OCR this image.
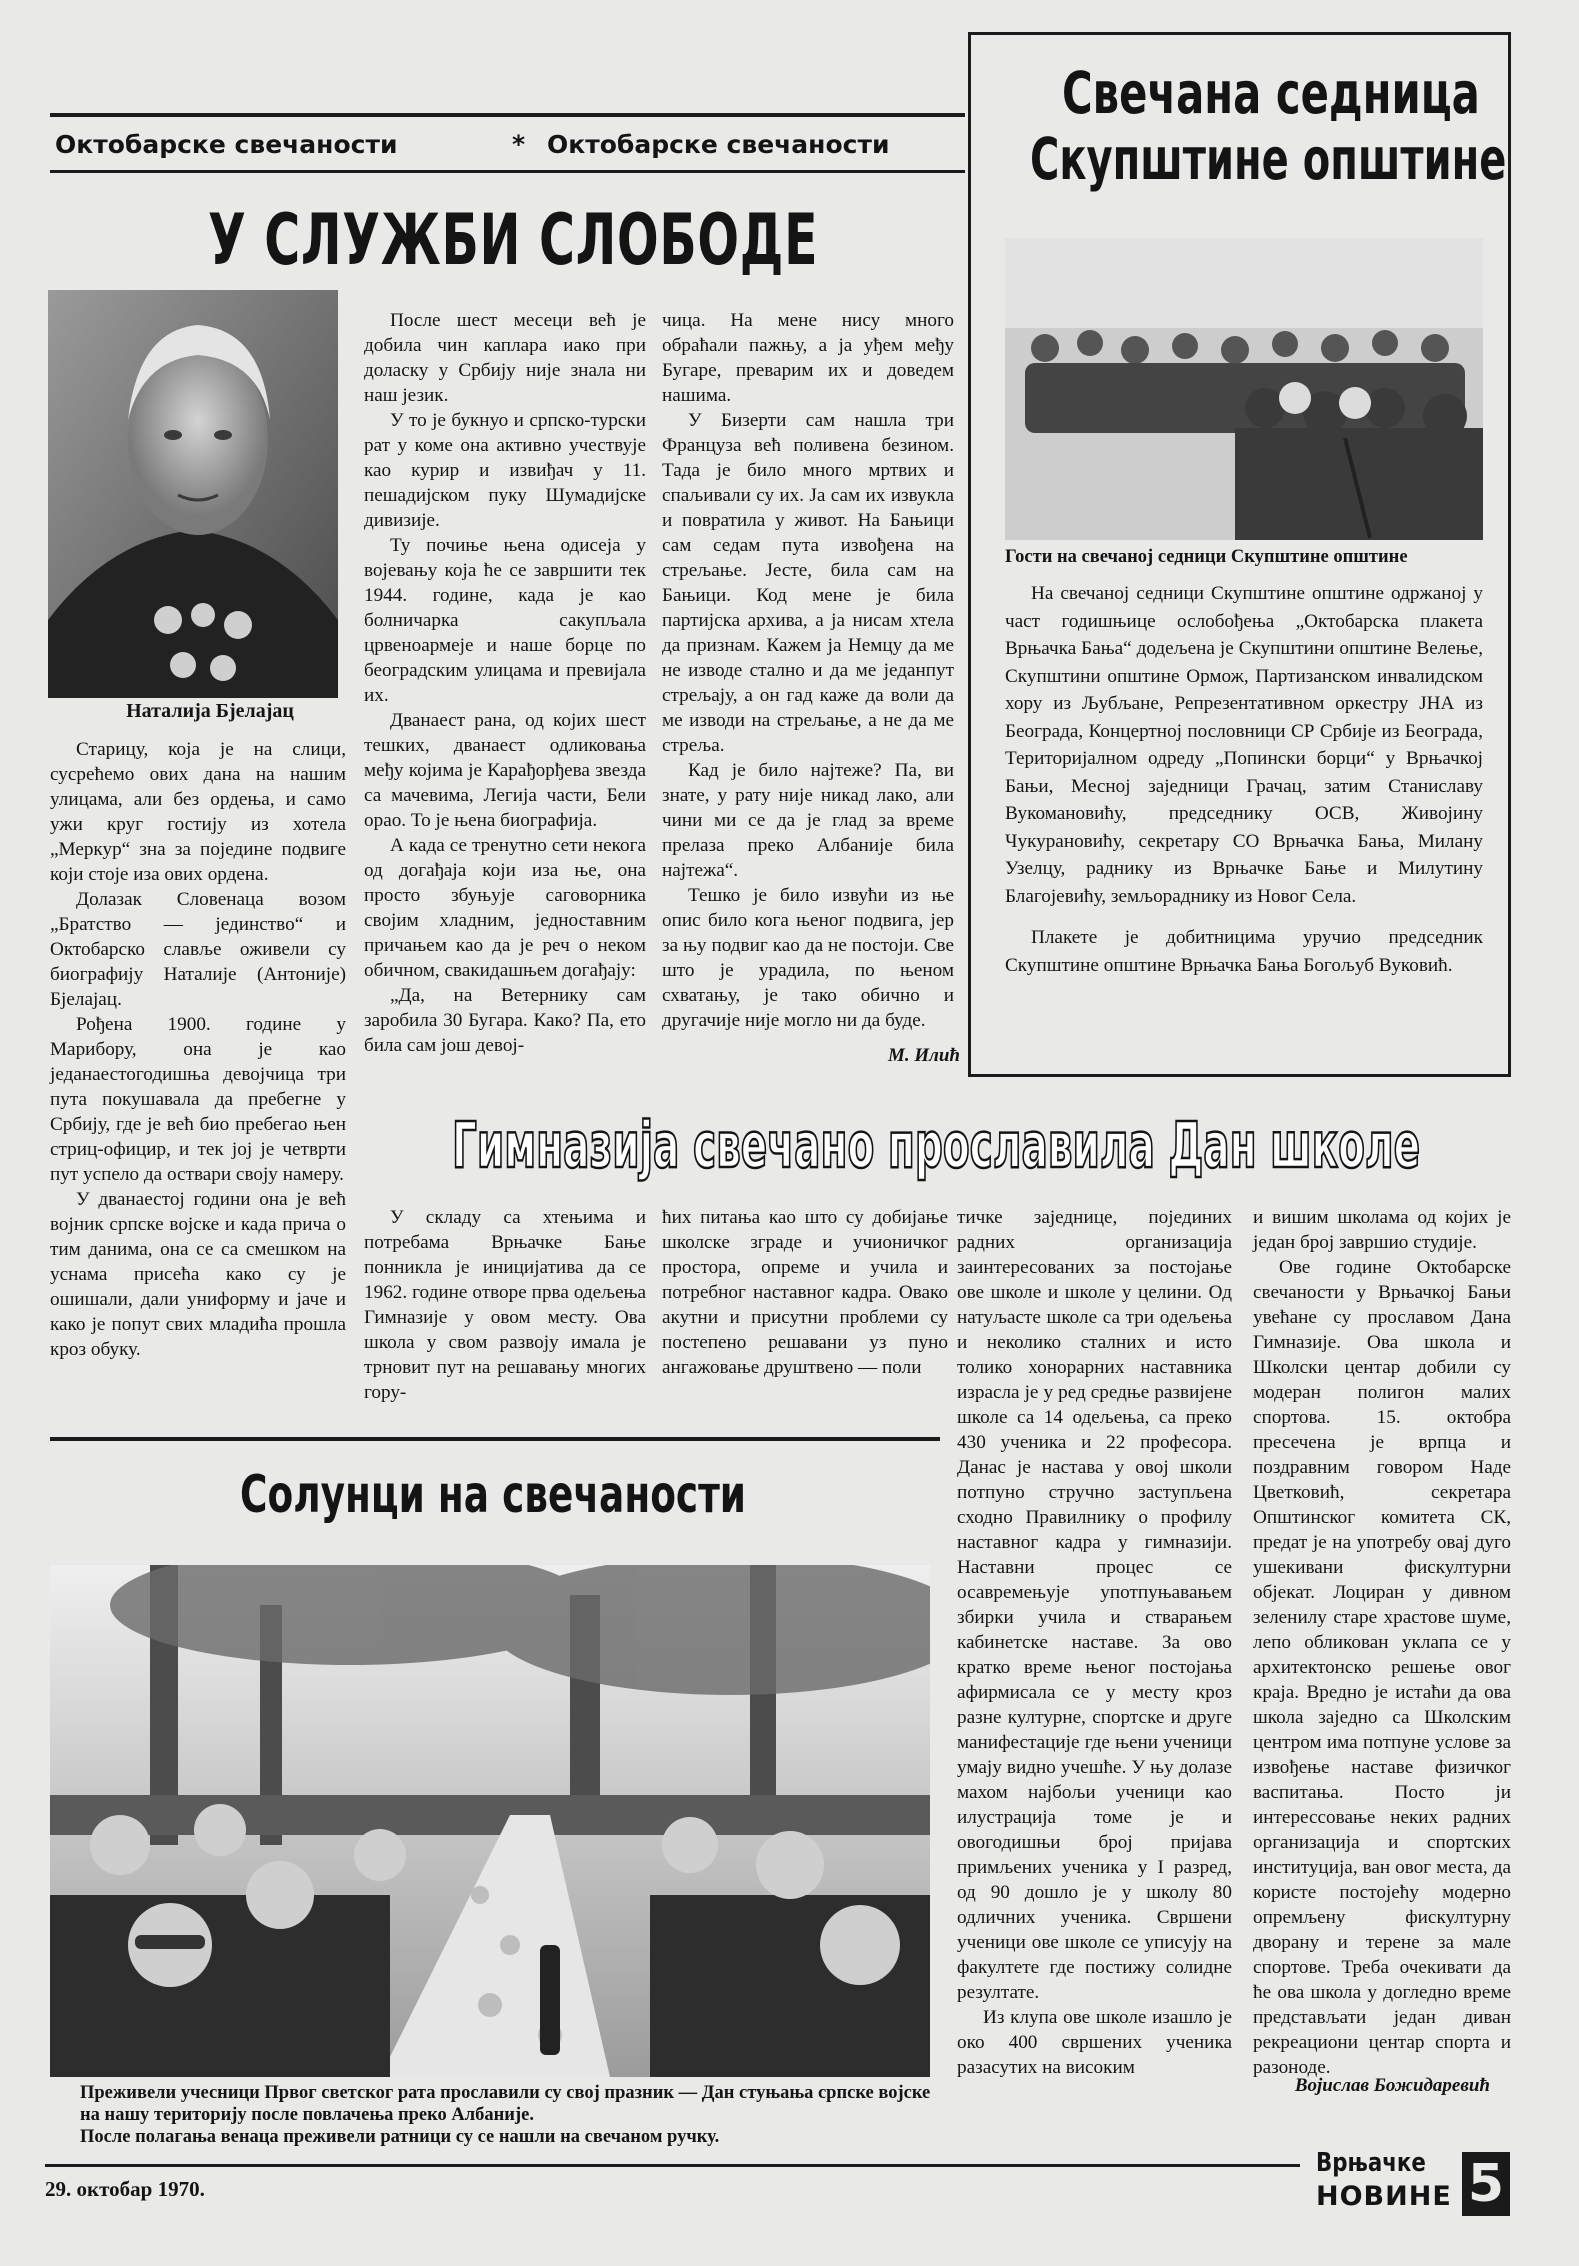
Октобарске свечаности	* Октобарске свечаности
У СЛУЖБИ СЛОБОДЕ
Наталија Бјелајац

Старицу, која је на слици, сусрећемо ових дана на нашим улицама, али без ордења, и само ужи круг гостију из хотела „Меркур“ зна за поједине подвиге који стоје иза ових ордена.

Долазак Словенаца возом „Братство — јединство“ и Октобарско славље оживели су биографију Наталије (Антоније) Бјелајац.

Рођена 1900. године у Марибору, она је као једанаестогодишња девојчица три пута покушавала да пребегне у Србију, где је већ био пребегао њен стриц-официр, и тек јој је четврти пут успело да оствари своју намеру.

У дванаестој години она је већ војник српске војске и када прича о тим данима, она се са смешком на уснама присећа како су је ошишали, дали униформу и јаче и како је попут свих младића прошла кроз обуку.

После шест месеци већ је добила чин каплара иако при доласку у Србију није знала ни наш језик.

У то је букнуо и српско-турски рат у коме она активно учествује као курир и извиђач у 11. пешадијском пуку Шумадијске дивизије.

Ту почиње њена одисеја у војевању која ће се завршити тек 1944. године, када је као болничарка сакупљала црвеноармеје и наше борце по београдским улицама и превијала их.

Дванаест рана, од којих шест тешких, дванаест одликовања међу којима је Карађорђева звезда са мачевима, Легија части, Бели орао. То је њена биографија.

А када се тренутно сети некога од догађаја који иза ње, она просто збуњује саговорника својим хладним, једноставним причањем као да је реч о неком обичном, свакидашњем догађају:

„Да, на Ветернику сам заробила 30 Бугара. Како? Па, ето била сам још девој-

чица. На мене нису много обраћали пажњу, а ја уђем међу Бугаре, преварим их и доведем нашима.

У Бизерти сам нашла три Француза већ поливена безином. Тада је било много мртвих и спаљивали су их. Ја сам их извукла и повратила у живот. На Бањици сам седам пута извођена на стрељање. Јесте, била сам на Бањици. Код мене је била партијска архива, а ја нисам хтела да признам. Кажем ја Немцу да ме не изводе стално и да ме једанпут стрељају, а он гад каже да воли да ме изводи на стрељање, а не да ме стреља.

Кад је било најтеже? Па, ви знате, у рату није никад лако, али чини ми се да је глад за време прелаза преко Албаније била најтежа“.

Тешко је било извући из ње опис било кога њеног подвига, јер за њу подвиг као да не постоји. Све што је урадила, по њеном схватању, је тако обично и другачије није могло ни да буде.

М. Илић
Свечана седница
Скупштине општине
Гости на свечаној седници Скупштине општине

На свечаној седници Скупштине општине одржаној у част годишњице ослобођења „Октобарска плакета Врњачка Бања“ додељена је Скупштини општине Велење, Скупштини општине Ормож, Партизанском инвалидском хору из Љубљане, Репрезентативном оркестру ЈНА из Београда, Концертној пословници СР Србије из Београда, Територијалном одреду „Попински борци“ у Врњачкој Бањи, Месној заједници Грачац, затим Станиславу Вукомановићу, председнику ОСВ, Живојину Чукурановићу, секретару СО Врњачка Бања, Милану Узелцу, раднику из Врњачке Бање и Милутину Благојевићу, земљораднику из Новог Села.

Плакете је добитницима уручио председник Скупштине општине Врњачка Бања Богољуб Вуковић.

Гимназија свечано прославила Дан школе

У складу са хтењима и потребама Врњачке Бање понникла је иницијатива да се 1962. године отворе прва одељења Гимназије у овом месту. Ова школа у свом развоју имала је трновит пут на решавању многих гору-

ћих питања као што су добијање школске зграде и учионичког простора, опреме и учила и потребног наставног кадра. Овако акутни и присутни проблеми су постепено решавани уз пуно ангажовање друштвено — поли

тичке заједнице, појединих радних организација заинтересованих за постојање ове школе и школе у целини. Од натуљасте школе са три одељења и неколико сталних и исто толико хонорарних наставника израсла је у ред средње развијене школе са 14 одељења, са преко 430 ученика и 22 професора. Данас је настава у овој школи потпуно стручно заступљена сходно Правилнику о профилу наставног кадра у гимназији. Наставни процес се осавремењује употпуњавањем збирки учила и стварањем кабинетске наставе. За ово кратко време њеног постојања афирмисала се у месту кроз разне културне, спортске и друге манифестације где њени ученици умају видно учешће. У њу долазе махом најбољи ученици као илустрација томе је и овогодишњи број пријава примљених ученика у I разред, од 90 дошло је у школу 80 одличних ученика. Свршени ученици ове школе се уписују на факултете где постижу солидне резултате.

Из клупа ове школе изашло је око 400 свршених ученика разасутих на високим

и вишим школама од којих је један број завршио студије.

Ове године Октобарске свечаности у Врњачкој Бањи увећане су прославом Дана Гимназије. Ова школа и Школски центар добили су модеран полигон малих спортова. 15. октобра пресечена је врпца и поздравним говором Наде Цветковић, секретара Општинског комитета СК, предат је на употребу овај дуго ушекивани фискултурни објекат. Лоциран у дивном зеленилу старе храстове шуме, лепо обликован уклапа се у архитектонско решење овог краја. Вредно је истаћи да ова школа заједно са Школским центром има потпуне услове за извођење наставе физичког васпитања. Посто ји интерессовање неких радних организација и спортских институција, ван овог места, да користе постојећу модерно опремљену фискултурну дворану и терене за мале спортове. Треба очекивати да ће ова школа у догледно време представљати један диван рекреациони центар спорта и разоноде.

Војислав Божидаревић
Солунци на свечаности
Преживели учесници Првог светског рата прославили су свој празник — Дан стуњања српске војске на нашу територију после повлачења преко Албаније.
После полагања венаца преживели ратници су се нашли на свечаном ручку.
29. октобар 1970.
Врњачке
НОВИНЕ 5
